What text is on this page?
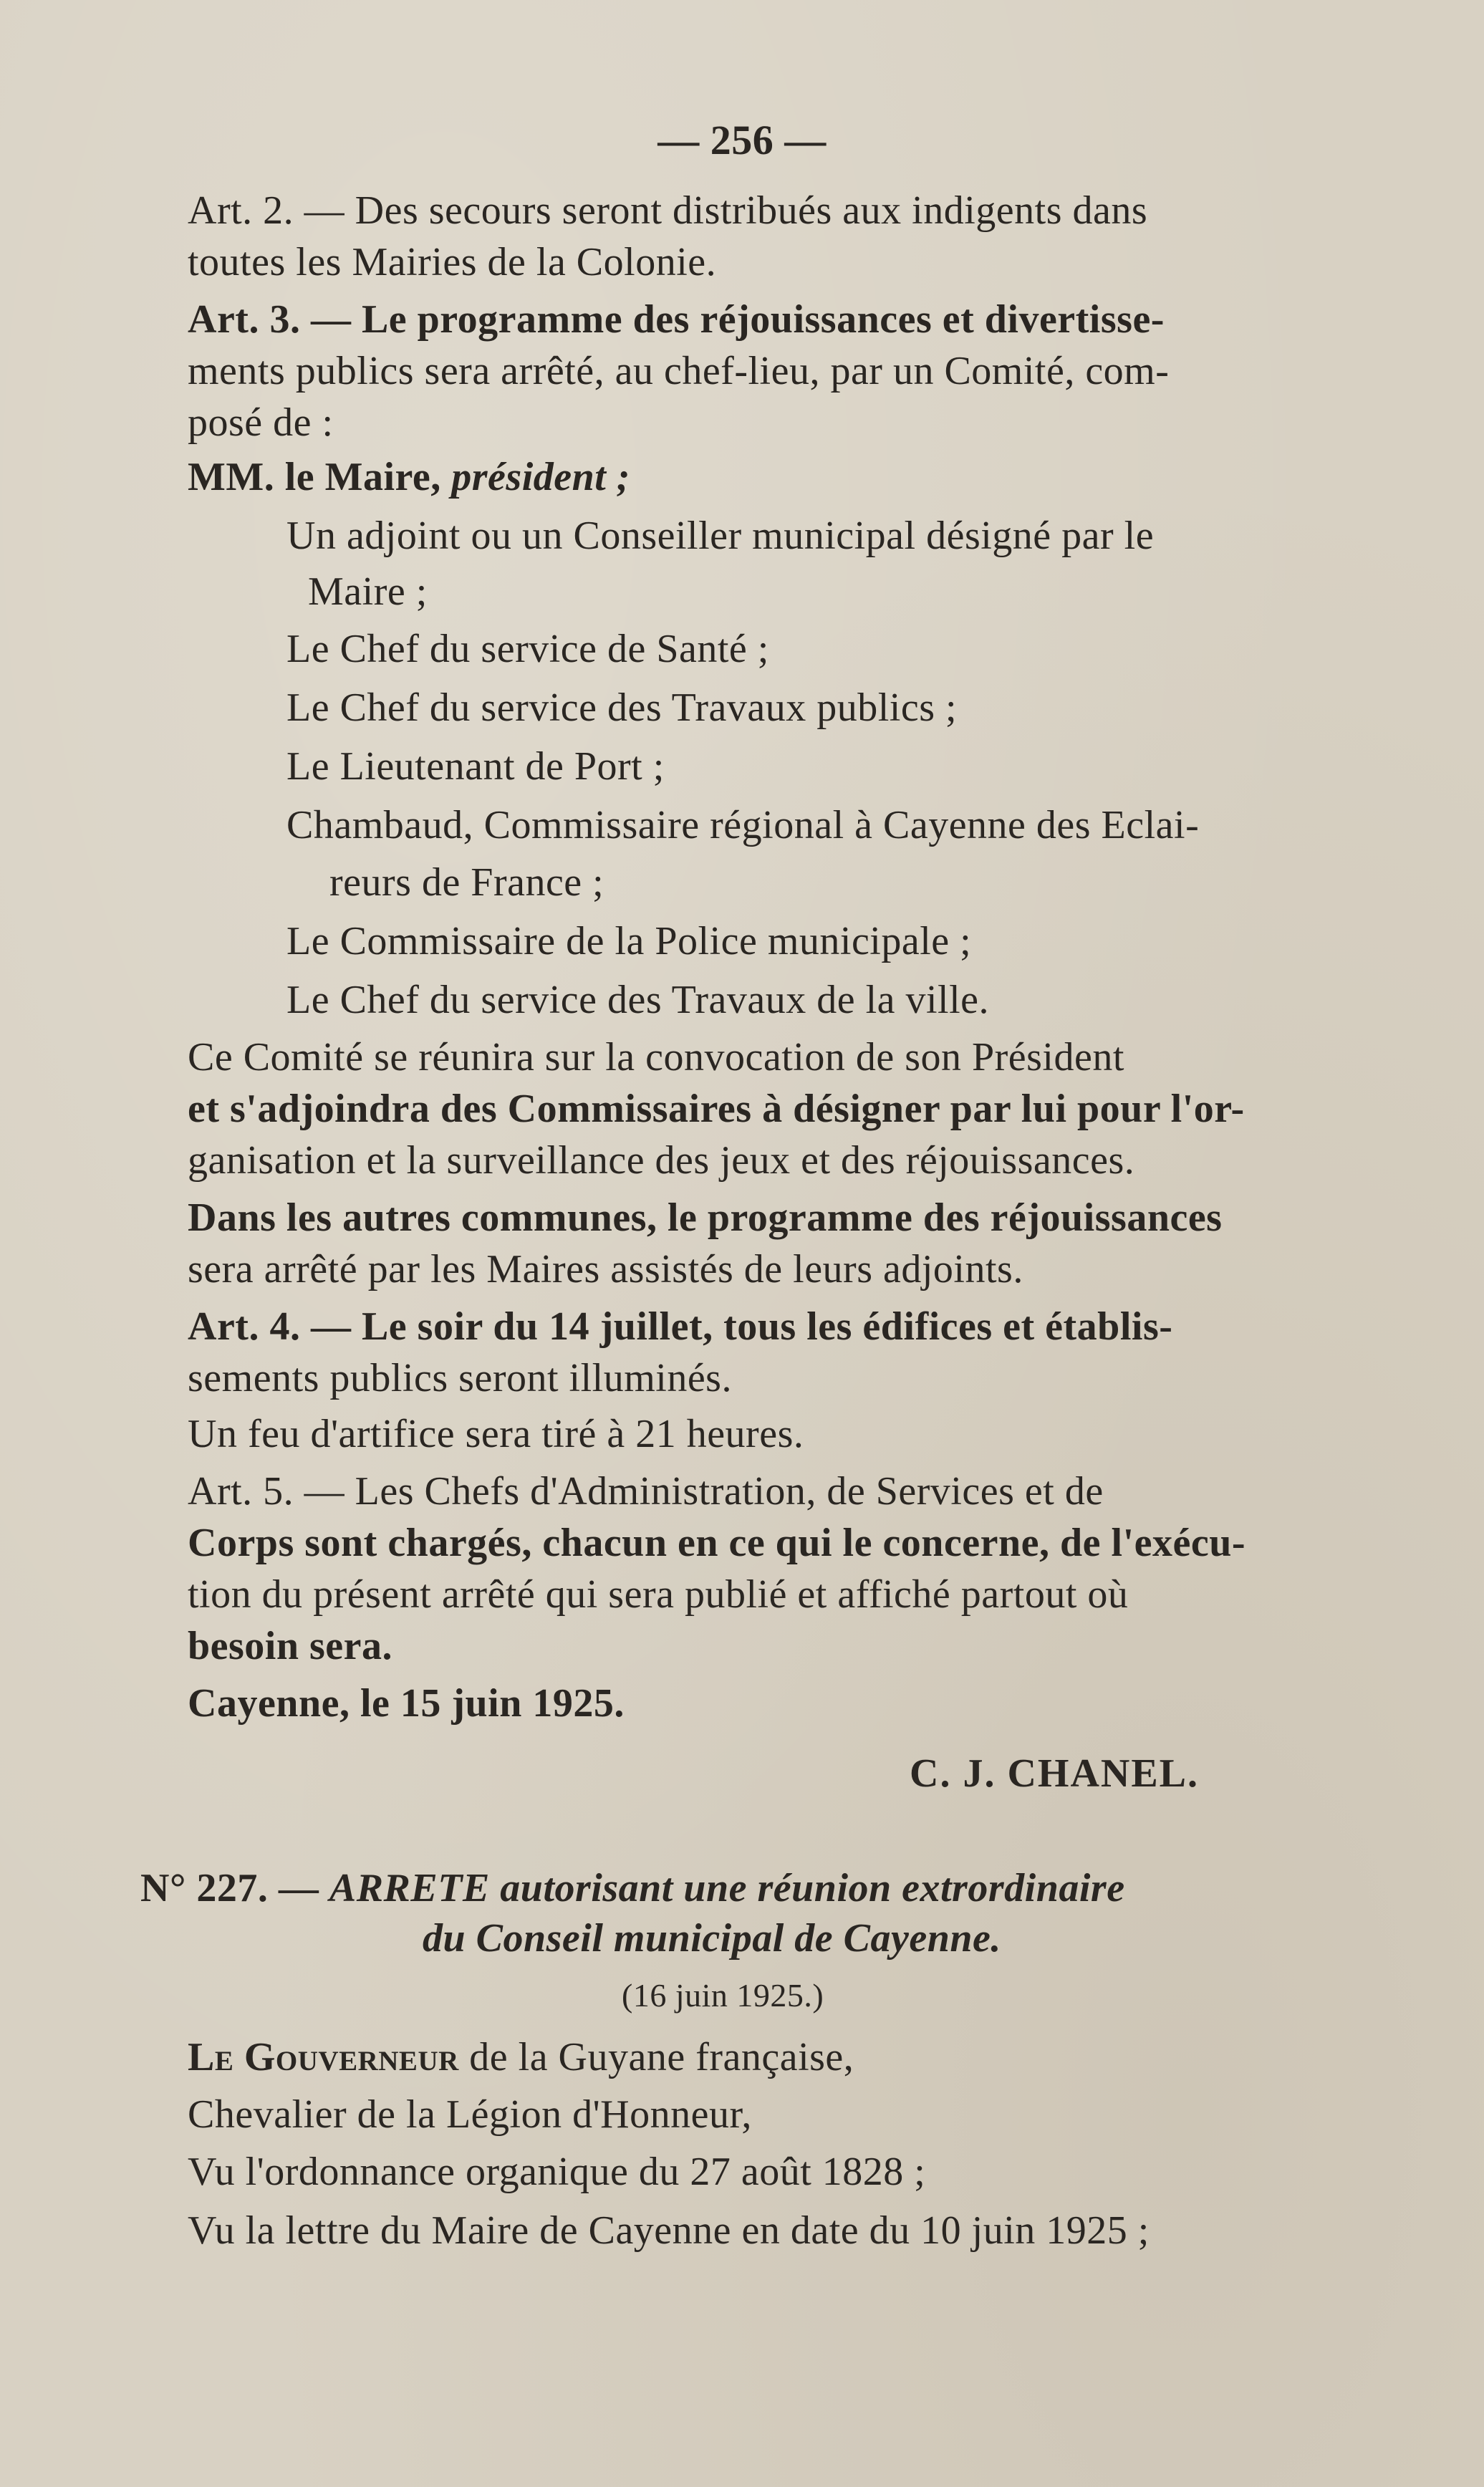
— 256 —
Art. 2. — Des secours seront distribués aux indigents dans
toutes les Mairies de la Colonie.
Art. 3. — Le programme des réjouissances et divertisse-
ments publics sera arrêté, au chef-lieu, par un Comité, com-
posé de :
MM. le Maire, président ;
Un adjoint ou un Conseiller municipal désigné par le
Maire ;
Le Chef du service de Santé ;
Le Chef du service des Travaux publics ;
Le Lieutenant de Port ;
Chambaud, Commissaire régional à Cayenne des Eclai-
reurs de France ;
Le Commissaire de la Police municipale ;
Le Chef du service des Travaux de la ville.
Ce Comité se réunira sur la convocation de son Président
et s'adjoindra des Commissaires à désigner par lui pour l'or-
ganisation et la surveillance des jeux et des réjouissances.
Dans les autres communes, le programme des réjouissances
sera arrêté par les Maires assistés de leurs adjoints.
Art. 4. — Le soir du 14 juillet, tous les édifices et établis-
sements publics seront illuminés.
Un feu d'artifice sera tiré à 21 heures.
Art. 5. — Les Chefs d'Administration, de Services et de
Corps sont chargés, chacun en ce qui le concerne, de l'exécu-
tion du présent arrêté qui sera publié et affiché partout où
besoin sera.
Cayenne, le 15 juin 1925.
C. J. CHANEL.
N° 227. — ARRETE autorisant une réunion extrordinaire
du Conseil municipal de Cayenne.
(16 juin 1925.)
Le Gouverneur de la Guyane française,
Chevalier de la Légion d'Honneur,
Vu l'ordonnance organique du 27 août 1828 ;
Vu la lettre du Maire de Cayenne en date du 10 juin 1925 ;
